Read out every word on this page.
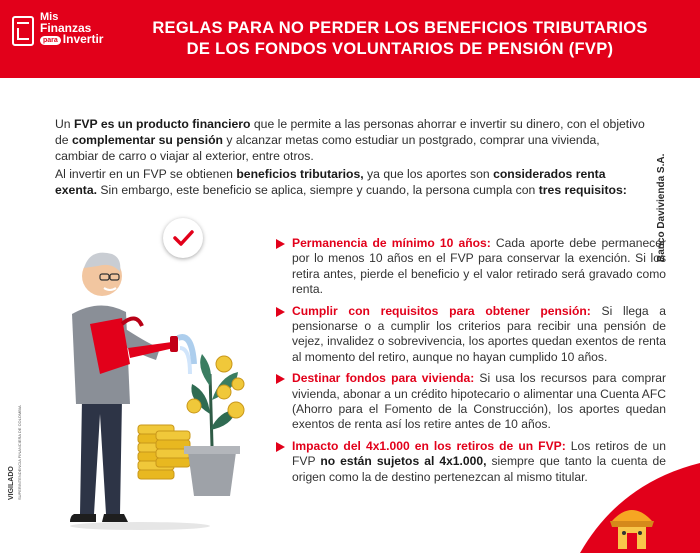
Mis
Finanzas
para Invertir
REGLAS PARA NO PERDER LOS BENEFICIOS TRIBUTARIOS
DE LOS FONDOS VOLUNTARIOS DE PENSIÓN (FVP)

Un FVP es un producto financiero que le permite a las personas ahorrar e invertir su dinero, con el objetivo de complementar su pensión y alcanzar metas como estudiar un postgrado, comprar una vivienda, cambiar de carro o viajar al exterior, entre otros.

Al invertir en un FVP se obtienen beneficios tributarios, ya que los aportes son considerados renta exenta. Sin embargo, este beneficio se aplica, siempre y cuando, la persona cumpla con tres requisitos:	Banco Davivienda S.A.
Permanencia de mínimo 10 años: Cada aporte debe permanecer por lo menos 10 años en el FVP para conservar la exención. Si los retira antes, pierde el beneficio y el valor retirado será gravado como renta.
Cumplir con requisitos para obtener pensión: Si llega a pensionarse o a cumplir los criterios para recibir una pensión de vejez, invalidez o sobrevivencia, los aportes quedan exentos de renta al momento del retiro, aunque no hayan cumplido 10 años.
Destinar fondos para vivienda: Si usa los recursos para comprar vivienda, abonar a un crédito hipotecario o alimentar una Cuenta AFC (Ahorro para el Fomento de la Construcción), los aportes quedan exentos de renta así los retire antes de 10 años.
Impacto del 4x1.000 en los retiros de un FVP: Los retiros de un FVP no están sujetos al 4x1.000, siempre que tanto la cuenta de origen como la de destino pertenezcan al mismo titular.
VIGILADO SUPERINTENDENCIA FINANCIERA DE COLOMBIA
